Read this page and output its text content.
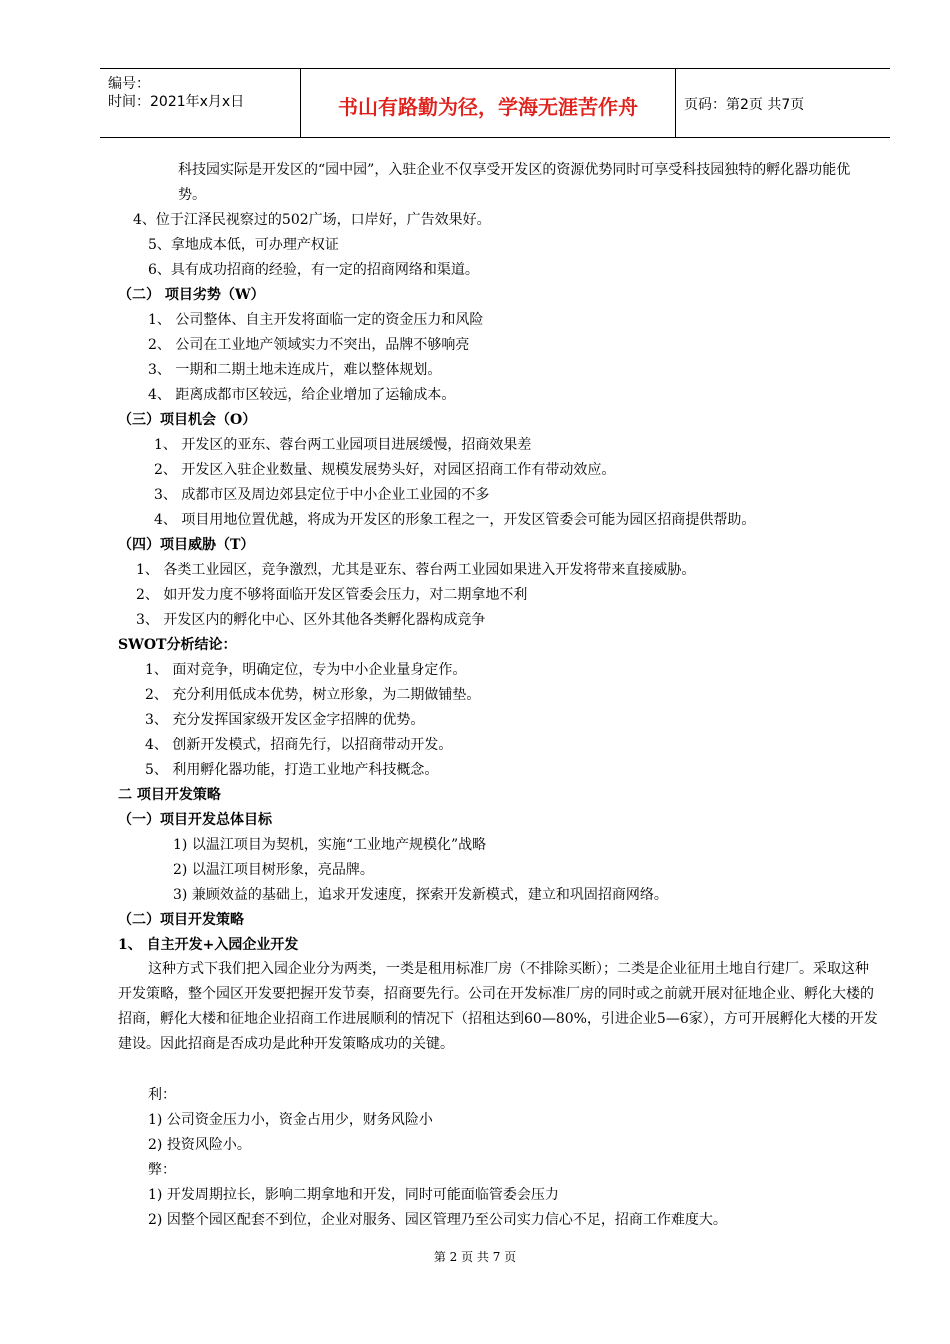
编号：
时间：2021年x月x日	书山有路勤为径，学海无涯苦作舟	页码：第2页 共7页
科技园实际是开发区的“园中园”，入驻企业不仅享受开发区的资源优势同时可享受科技园独特的孵化器功能优势。
4、位于江泽民视察过的502广场，口岸好，广告效果好。
5、拿地成本低，可办理产权证
6、具有成功招商的经验，有一定的招商网络和渠道。
（二） 项目劣势（W）
1、 公司整体、自主开发将面临一定的资金压力和风险
2、 公司在工业地产领域实力不突出，品牌不够响亮
3、 一期和二期土地未连成片，难以整体规划。
4、 距离成都市区较远，给企业增加了运输成本。
（三）项目机会（O）
1、 开发区的亚东、蓉台两工业园项目进展缓慢，招商效果差
2、 开发区入驻企业数量、规模发展势头好，对园区招商工作有带动效应。
3、 成都市区及周边郊县定位于中小企业工业园的不多
4、 项目用地位置优越，将成为开发区的形象工程之一，开发区管委会可能为园区招商提供帮助。
（四）项目威胁（T）
1、 各类工业园区，竞争激烈，尤其是亚东、蓉台两工业园如果进入开发将带来直接威胁。
2、 如开发力度不够将面临开发区管委会压力，对二期拿地不利
3、 开发区内的孵化中心、区外其他各类孵化器构成竞争
SWOT分析结论：
1、 面对竞争，明确定位，专为中小企业量身定作。
2、 充分利用低成本优势，树立形象，为二期做铺垫。
3、 充分发挥国家级开发区金字招牌的优势。
4、 创新开发模式，招商先行，以招商带动开发。
5、 利用孵化器功能，打造工业地产科技概念。
二 项目开发策略
（一）项目开发总体目标
1) 以温江项目为契机，实施“工业地产规模化”战略
2) 以温江项目树形象，亮品牌。
3) 兼顾效益的基础上，追求开发速度，探索开发新模式，建立和巩固招商网络。
（二）项目开发策略
1、 自主开发+入园企业开发
这种方式下我们把入园企业分为两类，一类是租用标准厂房（不排除买断）；二类是企业征用土地自行建厂。采取这种开发策略，整个园区开发要把握开发节奏，招商要先行。公司在开发标准厂房的同时或之前就开展对征地企业、孵化大楼的招商，孵化大楼和征地企业招商工作进展顺利的情况下（招租达到60—80%，引进企业5—6家），方可开展孵化大楼的开发建设。因此招商是否成功是此种开发策略成功的关键。
利：
1) 公司资金压力小，资金占用少，财务风险小
2) 投资风险小。
弊：
1) 开发周期拉长，影响二期拿地和开发，同时可能面临管委会压力
2) 因整个园区配套不到位，企业对服务、园区管理乃至公司实力信心不足，招商工作难度大。
第 2 页 共 7 页
